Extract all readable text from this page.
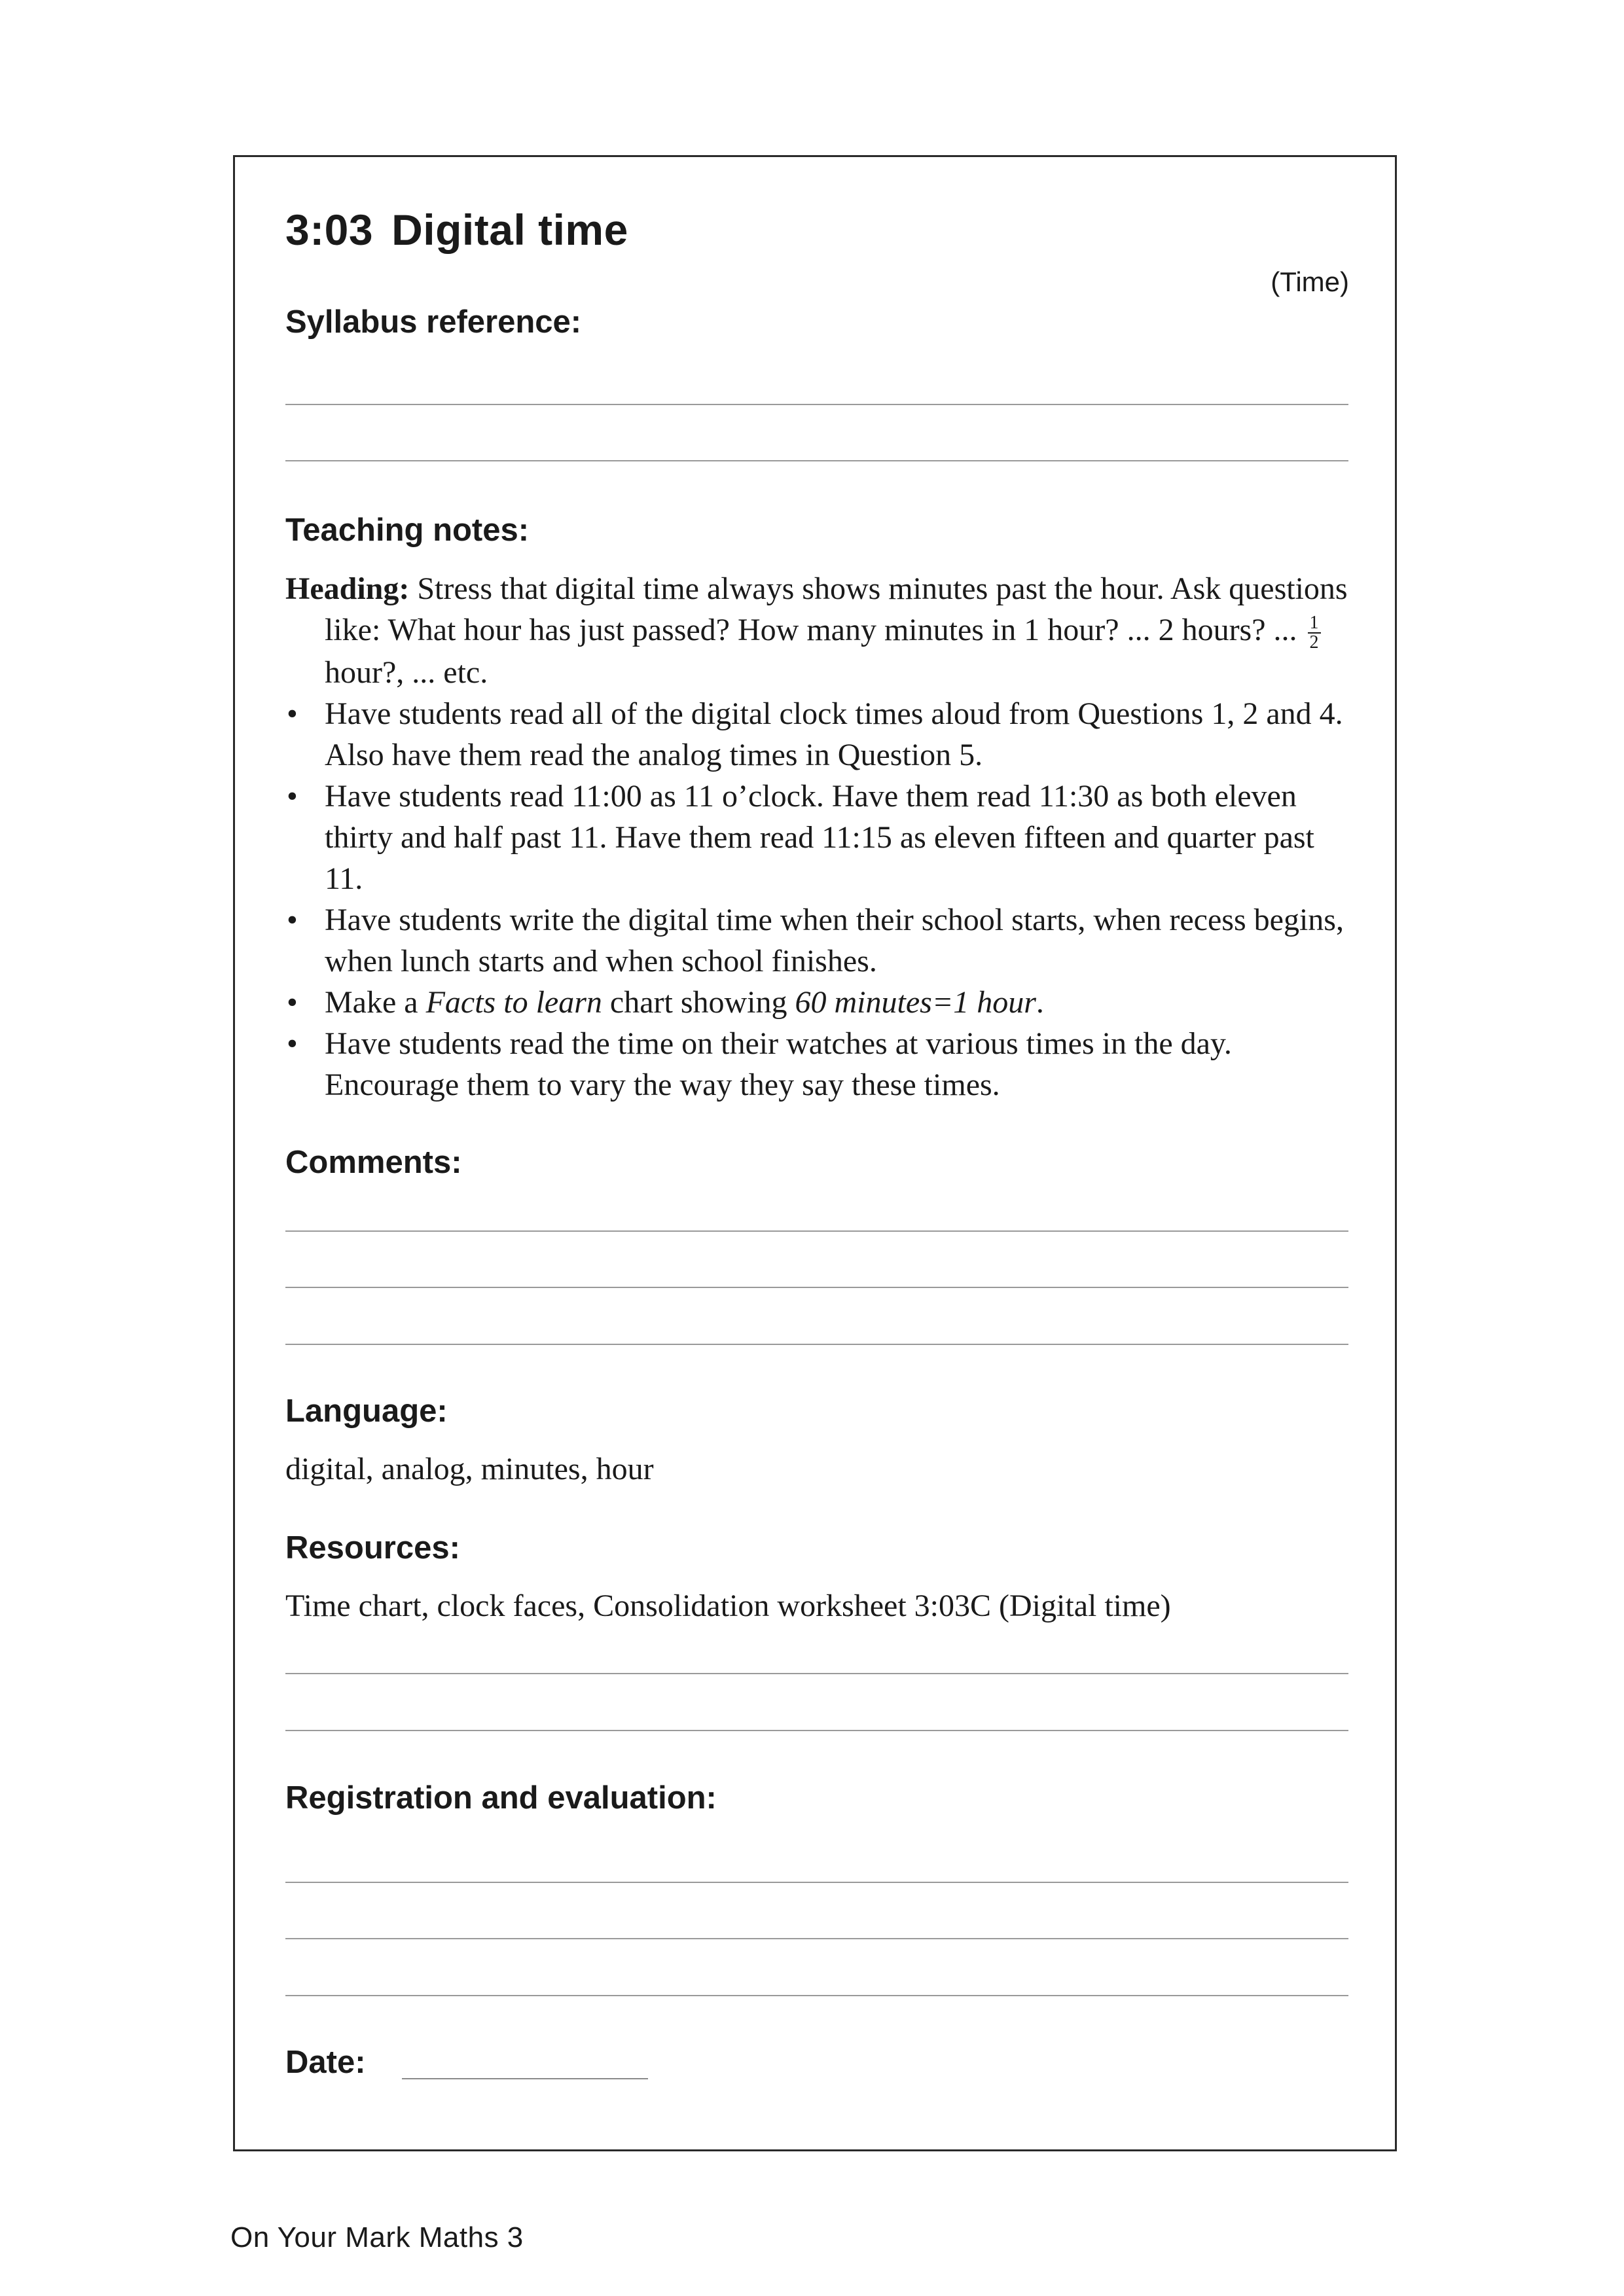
3:03 Digital time
(Time)
Syllabus reference:
Teaching notes:
Heading: Stress that digital time always shows minutes past the hour. Ask questions like: What hour has just passed? How many minutes in 1 hour? ... 2 hours? ... $\frac{1}{2}$
hour?, ... etc.
• Have students read all of the digital clock times aloud from Questions 1, 2 and 4. Also have them read the analog times in Question 5.
• Have students read 11:00 as 11 o’clock. Have them read 11:30 as both eleven thirty and half past 11. Have them read 11:15 as eleven fifteen and quarter past 11.
• Have students write the digital time when their school starts, when recess begins, when lunch starts and when school finishes.
• Make a Facts to learn chart showing 60 minutes=1 hour.
• Have students read the time on their watches at various times in the day. Encourage them to vary the way they say these times.
Comments:
Language:

digital, analog, minutes, hour

Resources:

Time chart, clock faces, Consolidation worksheet 3:03C (Digital time)

Registration and evaluation:
Date:
On Your Mark Maths 3
